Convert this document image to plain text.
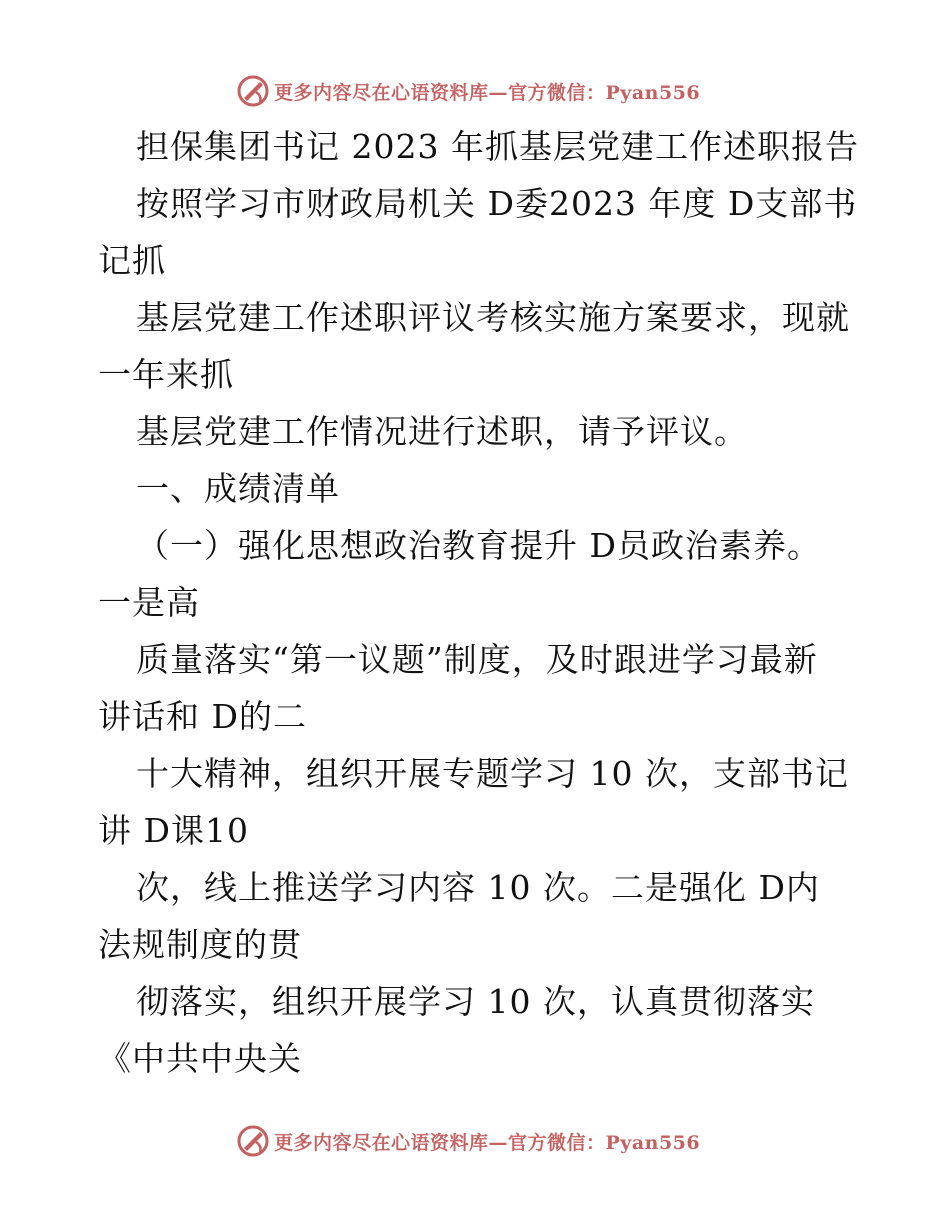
更多内容尽在心语资料库—官方微信：Pyan556
担保集团书记 2023 年抓基层党建工作述职报告
按照学习市财政局机关 D委2023 年度 D支部书
记抓
基层党建工作述职评议考核实施方案要求，现就
一年来抓
基层党建工作情况进行述职，请予评议。
一、成绩清单
（一）强化思想政治教育提升 D员政治素养。
一是高
质量落实“第一议题”制度，及时跟进学习最新
讲话和 D的二
十大精神，组织开展专题学习 10 次，支部书记
讲 D课10
次，线上推送学习内容 10 次。二是强化 D内
法规制度的贯
彻落实，组织开展学习 10 次，认真贯彻落实
《中共中央关
更多内容尽在心语资料库—官方微信：Pyan556
